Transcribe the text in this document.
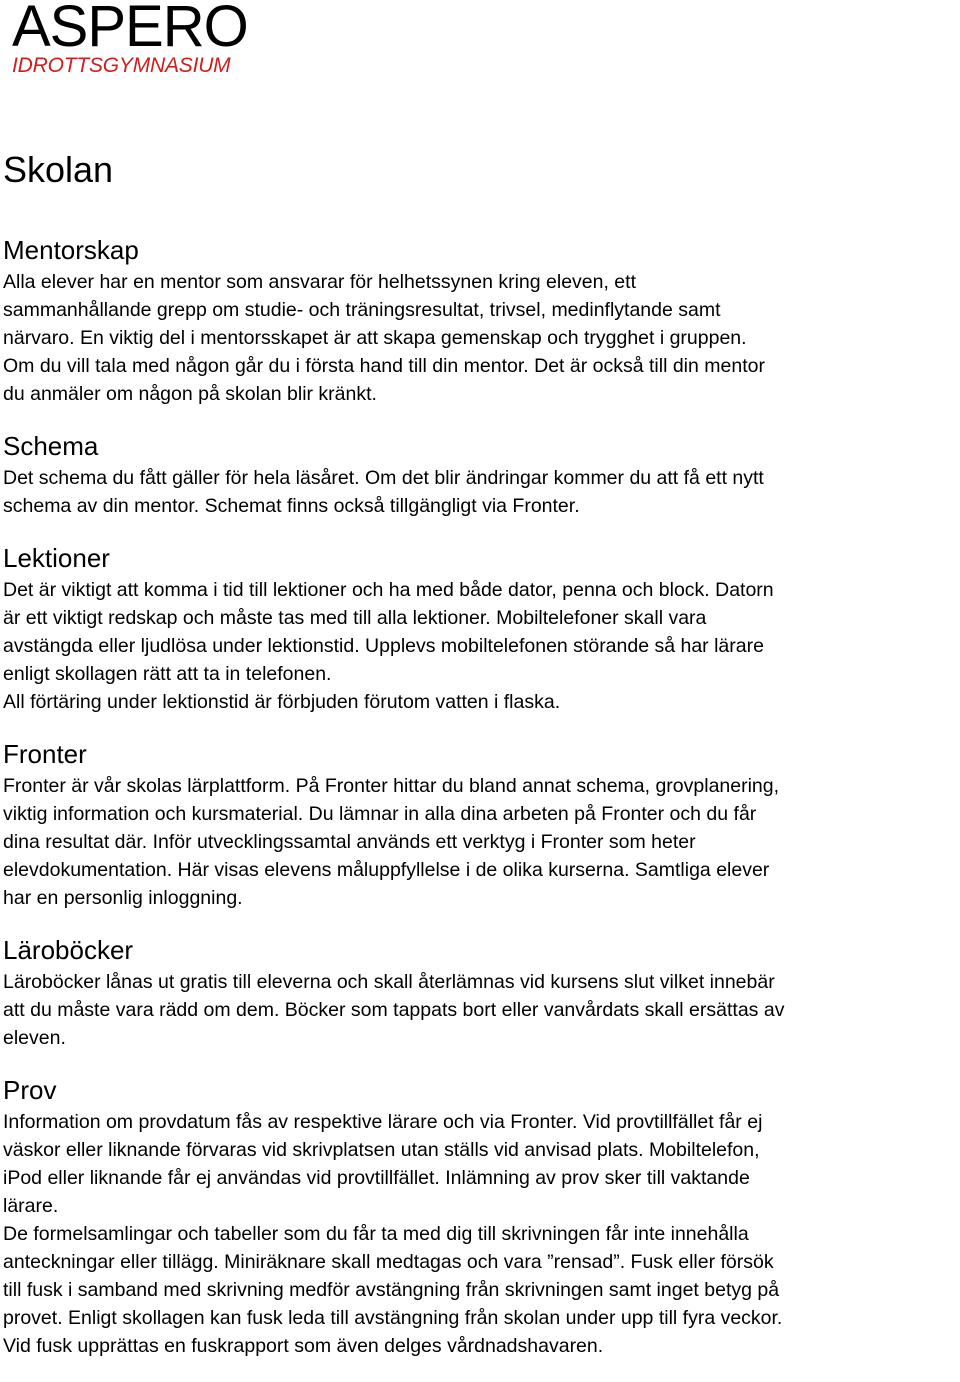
ASPERO
IDROTTSGYMNASIUM
Skolan
Mentorskap

Alla elever har en mentor som ansvarar för helhetssynen kring eleven, ett
sammanhållande grepp om studie- och träningsresultat, trivsel, medinflytande samt
närvaro. En viktig del i mentorsskapet är att skapa gemenskap och trygghet i gruppen.
Om du vill tala med någon går du i första hand till din mentor. Det är också till din mentor
du anmäler om någon på skolan blir kränkt.

Schema

Det schema du fått gäller för hela läsåret. Om det blir ändringar kommer du att få ett nytt
schema av din mentor. Schemat finns också tillgängligt via Fronter.

Lektioner

Det är viktigt att komma i tid till lektioner och ha med både dator, penna och block. Datorn
är ett viktigt redskap och måste tas med till alla lektioner. Mobiltelefoner skall vara
avstängda eller ljudlösa under lektionstid. Upplevs mobiltelefonen störande så har lärare
enligt skollagen rätt att ta in telefonen.
All förtäring under lektionstid är förbjuden förutom vatten i flaska.

Fronter

Fronter är vår skolas lärplattform. På Fronter hittar du bland annat schema, grovplanering,
viktig information och kursmaterial. Du lämnar in alla dina arbeten på Fronter och du får
dina resultat där. Inför utvecklingssamtal används ett verktyg i Fronter som heter
elevdokumentation. Här visas elevens måluppfyllelse i de olika kurserna. Samtliga elever
har en personlig inloggning.

Läroböcker

Läroböcker lånas ut gratis till eleverna och skall återlämnas vid kursens slut vilket innebär
att du måste vara rädd om dem. Böcker som tappats bort eller vanvårdats skall ersättas av
eleven.

Prov

Information om provdatum fås av respektive lärare och via Fronter. Vid provtillfället får ej
väskor eller liknande förvaras vid skrivplatsen utan ställs vid anvisad plats. Mobiltelefon,
iPod eller liknande får ej användas vid provtillfället. Inlämning av prov sker till vaktande
lärare.
De formelsamlingar och tabeller som du får ta med dig till skrivningen får inte innehålla
anteckningar eller tillägg. Miniräknare skall medtagas och vara ”rensad”. Fusk eller försök
till fusk i samband med skrivning medför avstängning från skrivningen samt inget betyg på
provet. Enligt skollagen kan fusk leda till avstängning från skolan under upp till fyra veckor.
Vid fusk upprättas en fuskrapport som även delges vårdnadshavaren.
